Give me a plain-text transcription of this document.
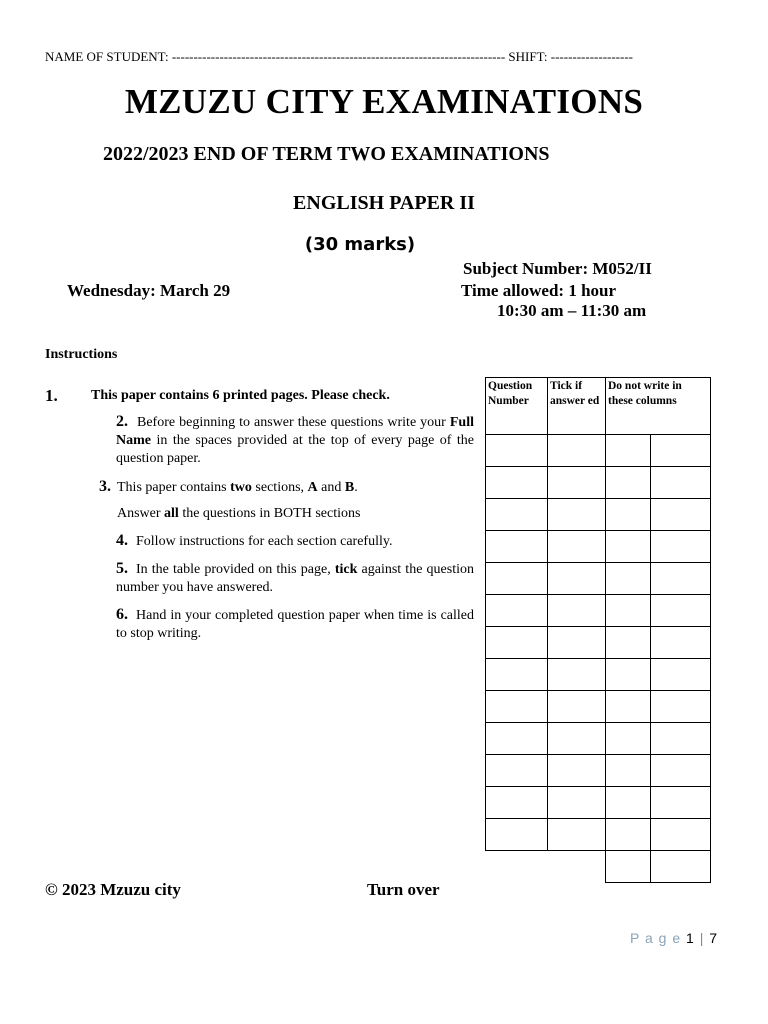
NAME OF STUDENT: ----------------------------------------------------------------------------- SHIFT: -------------------
MZUZU CITY EXAMINATIONS
2022/2023 END OF TERM TWO EXAMINATIONS
ENGLISH PAPER II
(30 marks)
Subject Number: M052/II
Wednesday: March 29	Time allowed: 1 hour
10:30 am – 11:30 am
Instructions
1. This paper contains 6 printed pages. Please check.
2. Before beginning to answer these questions write your Full Name in the spaces provided at the top of every page of the question paper.
3. This paper contains two sections, A and B.
Answer all the questions in BOTH sections
4. Follow instructions for each section carefully.
5. In the table provided on this page, tick against the question number you have answered.
6. Hand in your completed question paper when time is called to stop writing.
Question Number	Tick if answer ed	Do not write in these columns	

© 2023 Mzuzu city	Turn over
P a g e 1 | 7
